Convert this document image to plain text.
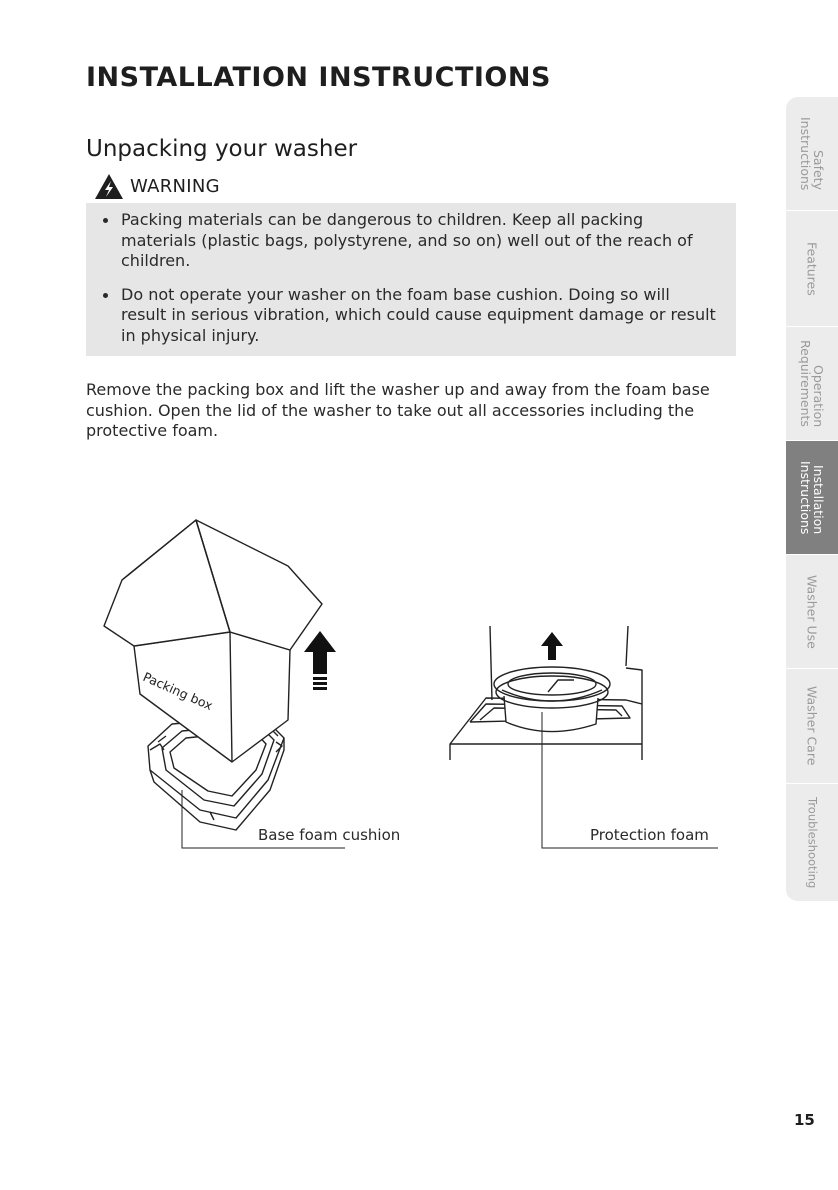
INSTALLATION INSTRUCTIONS
Unpacking your washer
WARNING
Packing materials can be dangerous to children. Keep all packing materials (plastic bags, polystyrene, and so on) well out of the reach of children.
Do not operate your washer on the foam base cushion. Doing so will result in serious vibration, which could cause equipment damage or result in physical injury.

Remove the packing box and lift the washer up and away from the foam base cushion. Open the lid of the washer to take out all accessories including the protective foam.

Packing box
Base foam cushion	Protection foam
Safety
Instructions
Features
Operation
Requirements
Installation
Instructions
Washer Use
Washer Care
Troubleshooting
15
